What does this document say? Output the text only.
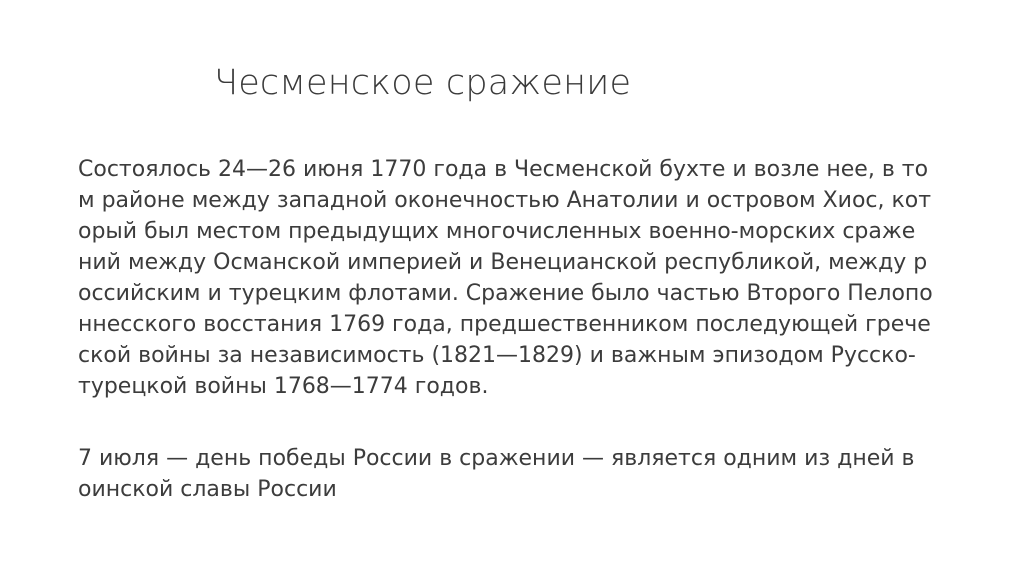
Чесменское сражение
Состоялось 24—26 июня 1770 года в Чесменской бухте и возле нее, в то
м районе между западной оконечностью Анатолии и островом Хиос, кот
орый был местом предыдущих многочисленных военно-морских сраже
ний между Османской империей и Венецианской республикой, между р
оссийским и турецким флотами. Сражение было частью Второго Пелопо
ннесского восстания 1769 года, предшественником последующей грече
ской войны за независимость (1821—1829) и важным эпизодом Русско-
турецкой войны 1768—1774 годов.
7 июля — день победы России в сражении — является одним из дней в
оинской славы России
